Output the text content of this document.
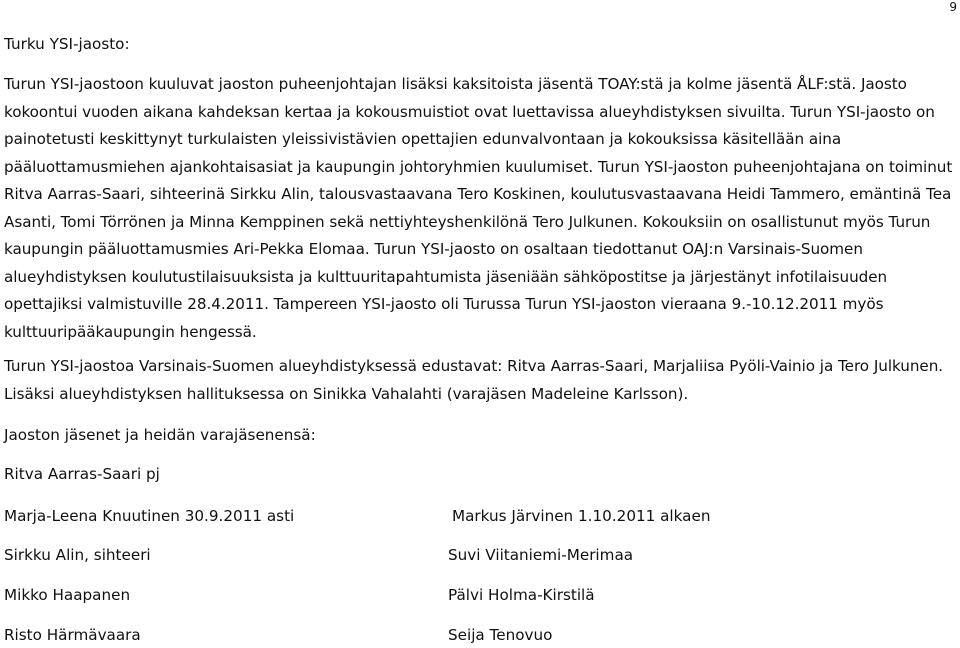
9
Turku YSI-jaosto:
Turun YSI-jaostoon kuuluvat jaoston puheenjohtajan lisäksi kaksitoista jäsentä TOAY:stä ja kolme jäsentä ÅLF:stä. Jaosto kokoontui vuoden aikana kahdeksan kertaa ja kokousmuistiot ovat luettavissa alueyhdistyksen sivuilta. Turun YSI-jaosto on painotetusti keskittynyt turkulaisten yleissivistävien opettajien edunvalvontaan ja kokouksissa käsitellään aina pääluottamusmiehen ajankohtaisasiat ja kaupungin johtoryhmien kuulumiset. Turun YSI-jaoston puheenjohtajana on toiminut Ritva Aarras-Saari, sihteerinä Sirkku Alin, talousvastaavana Tero Koskinen, koulutusvastaavana Heidi Tammero, emäntinä Tea Asanti, Tomi Törrönen ja Minna Kemppinen sekä nettiyhteyshenkilönä Tero Julkunen. Kokouksiin on osallistunut myös Turun kaupungin pääluottamusmies Ari-Pekka Elomaa. Turun YSI-jaosto on osaltaan tiedottanut OAJ:n Varsinais-Suomen alueyhdistyksen koulutustilaisuuksista ja kulttuuritapahtumista jäseniään sähköpostitse ja järjestänyt infotilaisuuden opettajiksi valmistuville 28.4.2011. Tampereen YSI-jaosto oli Turussa Turun YSI-jaoston vieraana 9.-10.12.2011 myös kulttuuripääkaupungin hengessä.
Turun YSI-jaostoa Varsinais-Suomen alueyhdistyksessä edustavat: Ritva Aarras-Saari, Marjaliisa Pyöli-Vainio ja Tero Julkunen. Lisäksi alueyhdistyksen hallituksessa on Sinikka Vahalahti (varajäsen Madeleine Karlsson).
Jaoston jäsenet ja heidän varajäsenensä:
Ritva Aarras-Saari pj
Marja-Leena Knuutinen 30.9.2011 asti	Markus Järvinen 1.10.2011 alkaen
Sirkku Alin, sihteeri	Suvi Viitaniemi-Merimaa
Mikko Haapanen	Pälvi Holma-Kirstilä
Risto Härmävaara	Seija Tenovuo
